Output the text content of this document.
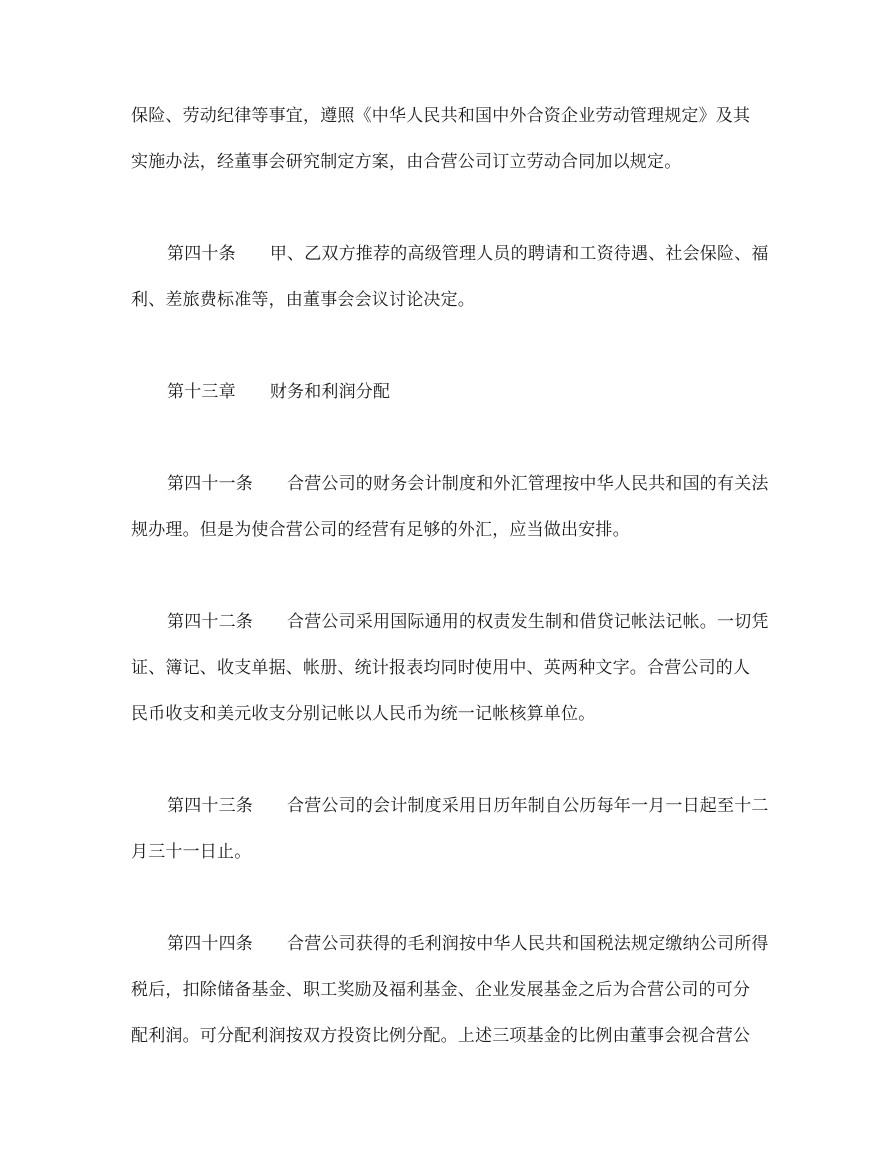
保险、劳动纪律等事宜，遵照《中华人民共和国中外合资企业劳动管理规定》及其
实施办法，经董事会研究制定方案，由合营公司订立劳动合同加以规定。
第四十条 甲、乙双方推荐的高级管理人员的聘请和工资待遇、社会保险、福
利、差旅费标准等，由董事会会议讨论决定。
第十三章 财务和利润分配
第四十一条 合营公司的财务会计制度和外汇管理按中华人民共和国的有关法
规办理。但是为使合营公司的经营有足够的外汇，应当做出安排。
第四十二条 合营公司采用国际通用的权责发生制和借贷记帐法记帐。一切凭
证、簿记、收支单据、帐册、统计报表均同时使用中、英两种文字。合营公司的人
民币收支和美元收支分别记帐以人民币为统一记帐核算单位。
第四十三条 合营公司的会计制度采用日历年制自公历每年一月一日起至十二
月三十一日止。
第四十四条 合营公司获得的毛利润按中华人民共和国税法规定缴纳公司所得
税后，扣除储备基金、职工奖励及福利基金、企业发展基金之后为合营公司的可分
配利润。可分配利润按双方投资比例分配。上述三项基金的比例由董事会视合营公
